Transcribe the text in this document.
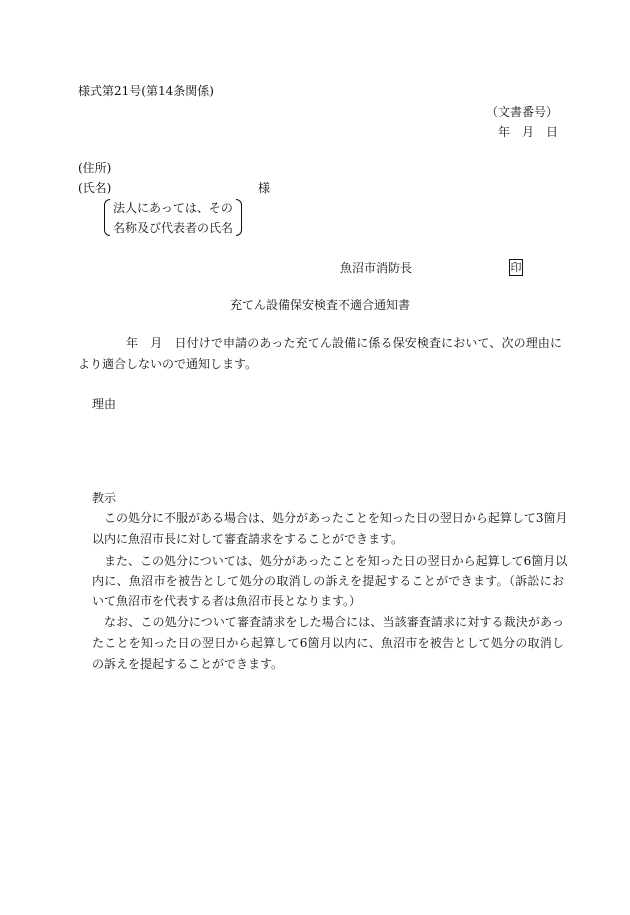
様式第21号(第14条関係)
（文書番号）
年　月　日
(住所)
(氏名)	様
法人にあっては、その
名称及び代表者の氏名
魚沼市消防長	印
充てん設備保安検査不適合通知書
年　月　日付けで申請のあった充てん設備に係る保安検査において、次の理由に
より適合しないので通知します。
理由
教示
この処分に不服がある場合は、処分があったことを知った日の翌日から起算して3箇月
以内に魚沼市長に対して審査請求をすることができます。
また、この処分については、処分があったことを知った日の翌日から起算して6箇月以
内に、魚沼市を被告として処分の取消しの訴えを提起することができます。（訴訟にお
いて魚沼市を代表する者は魚沼市長となります。）
なお、この処分について審査請求をした場合には、当該審査請求に対する裁決があっ
たことを知った日の翌日から起算して6箇月以内に、魚沼市を被告として処分の取消し
の訴えを提起することができます。
